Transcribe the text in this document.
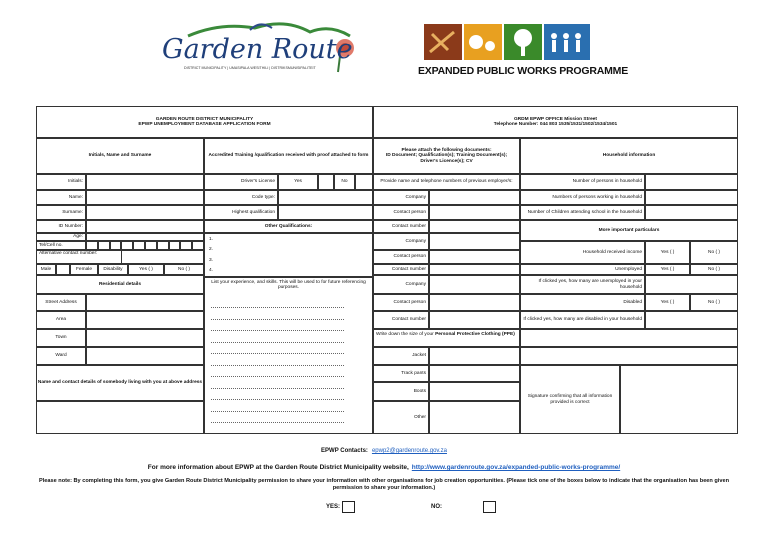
Garden Route
DISTRICT MUNICIPALITY | UMASIPALA WESITHILI | DISTRIKSMUNISIPALITEIT	EXPANDED PUBLIC WORKS PROGRAMME
GARDEN ROUTE DISTRICT MUNICIPALITY
EPWP UNEMPLOYMENT DATABASE APPLICATION FORM
GRDM EPWP OFFICE Mission Street
Telephone Number: 044 803 1535/1531/1502/1534/1501
Initials, Name and Surname	Accredited Training /qualification received with proof attached to form
Please attach the following documents:
ID Document; Qualification(s); Training Document(s);
Driver's Licence(s); CV
Household information
Initials:
Name:
Surname:
ID Number:
Age:
Tel/Cell no.
Alternative contact number:
Male	Female	Disability	Yes ( )	No ( )
Residential details
Street Address
Area
Town
Ward
Name and contact details of somebody living with you at above address
Driver's License	Yes	No
Code type:
Highest qualification
Other Qualifications:
1.
2.
3.
4.
List your experience, and skills. This will be used to for future referencing purposes.
Provide name and telephone numbers of previous employer/s:
Company
Contact person
Contact number
Company
Contact person
Contact number
Company
Contact person
Contact number
Write down the size of your Personal Protective Clothing (PPE)
Jacket
Track pants
Boots
Other
Number of persons in household
Numbers of persons working in household
Number of Children attending school in the household
More important particulars
Household received income	Yes ( )	No ( )
Unemployed	Yes ( )	No ( )
If clicked yes, how many are unemployed in your household
Disabled	Yes ( )	No ( )
If clicked yes, how many are disabled in your household
Signature confirming that all information provided is correct
EPWP Contacts: epwp2@gardenroute.gov.za
For more information about EPWP at the Garden Route District Municipality website, http://www.gardenroute.gov.za/expanded-public-works-programme/
Please note: By completing this form, you give Garden Route District Municipality permission to share your information with other organisations for job creation opportunities. (Please tick one of the boxes below to indicate that the organisation has been given permission to share your information.)
YES:	NO:
